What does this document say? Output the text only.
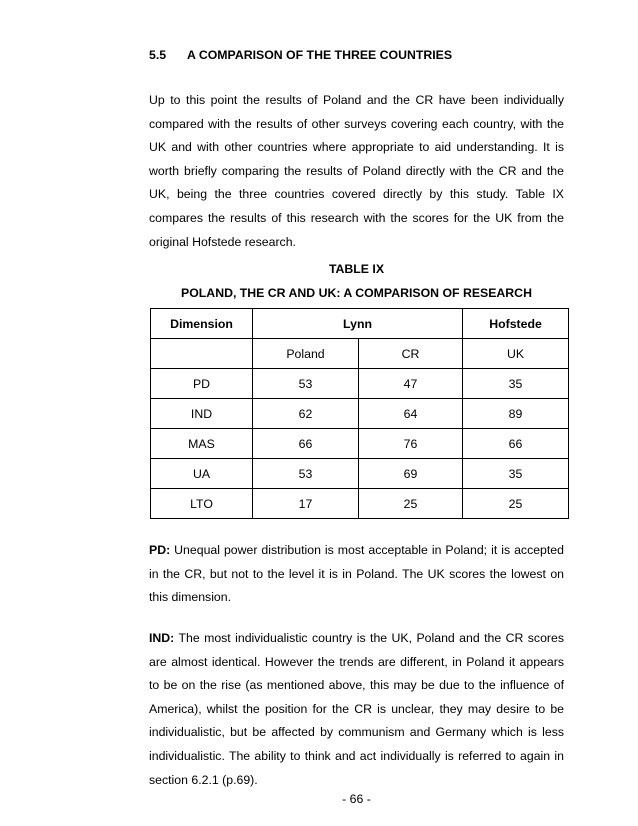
5.5 A COMPARISON OF THE THREE COUNTRIES
Up to this point the results of Poland and the CR have been individually compared with the results of other surveys covering each country, with the UK and with other countries where appropriate to aid understanding. It is worth briefly comparing the results of Poland directly with the CR and the UK, being the three countries covered directly by this study. Table IX compares the results of this research with the scores for the UK from the original Hofstede research.
TABLE IX
POLAND, THE CR AND UK: A COMPARISON OF RESEARCH
Dimension	Lynn		Hofstede
	Poland	CR	UK
PD	53	47	35
IND	62	64	89
MAS	66	76	66
UA	53	69	35
LTO	17	25	25
PD: Unequal power distribution is most acceptable in Poland; it is accepted in the CR, but not to the level it is in Poland. The UK scores the lowest on this dimension.
IND: The most individualistic country is the UK, Poland and the CR scores are almost identical. However the trends are different, in Poland it appears to be on the rise (as mentioned above, this may be due to the influence of America), whilst the position for the CR is unclear, they may desire to be individualistic, but be affected by communism and Germany which is less individualistic. The ability to think and act individually is referred to again in section 6.2.1 (p.69).
- 66 -
